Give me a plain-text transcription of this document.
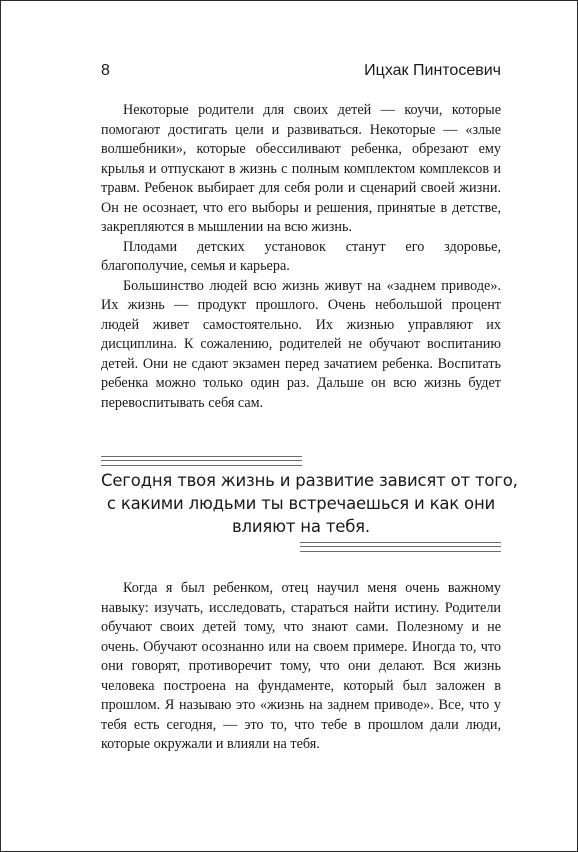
8	Ицхак Пинтосевич

Некоторые родители для своих детей — коучи, которые помогают достигать цели и развиваться. Некоторые — «злые волшебники», которые обессиливают ребенка, обрезают ему крылья и отпускают в жизнь с полным комплектом комплексов и травм. Ребенок выбирает для себя роли и сценарий своей жизни. Он не осознает, что его выборы и решения, принятые в детстве, закрепляются в мышлении на всю жизнь.

Плодами детских установок станут его здоровье, благополучие, семья и карьера.

Большинство людей всю жизнь живут на «заднем приводе». Их жизнь — продукт прошлого. Очень небольшой процент людей живет самостоятельно. Их жизнью управляют их дисциплина. К сожалению, родителей не обучают воспитанию детей. Они не сдают экзамен перед зачатием ребенка. Воспитать ребенка можно только один раз. Дальше он всю жизнь будет перевоспитывать себя сам.

Сегодня твоя жизнь и развитие зависят от того,
с какими людьми ты встречаешься и как они
влияют на тебя.

Когда я был ребенком, отец научил меня очень важному навыку: изучать, исследовать, стараться найти истину. Родители обучают своих детей тому, что знают сами. Полезному и не очень. Обучают осознанно или на своем примере. Иногда то, что они говорят, противоречит тому, что они делают. Вся жизнь человека построена на фундаменте, который был заложен в прошлом. Я называю это «жизнь на заднем приводе». Все, что у тебя есть сегодня, — это то, что тебе в прошлом дали люди, которые окружали и влияли на тебя.
